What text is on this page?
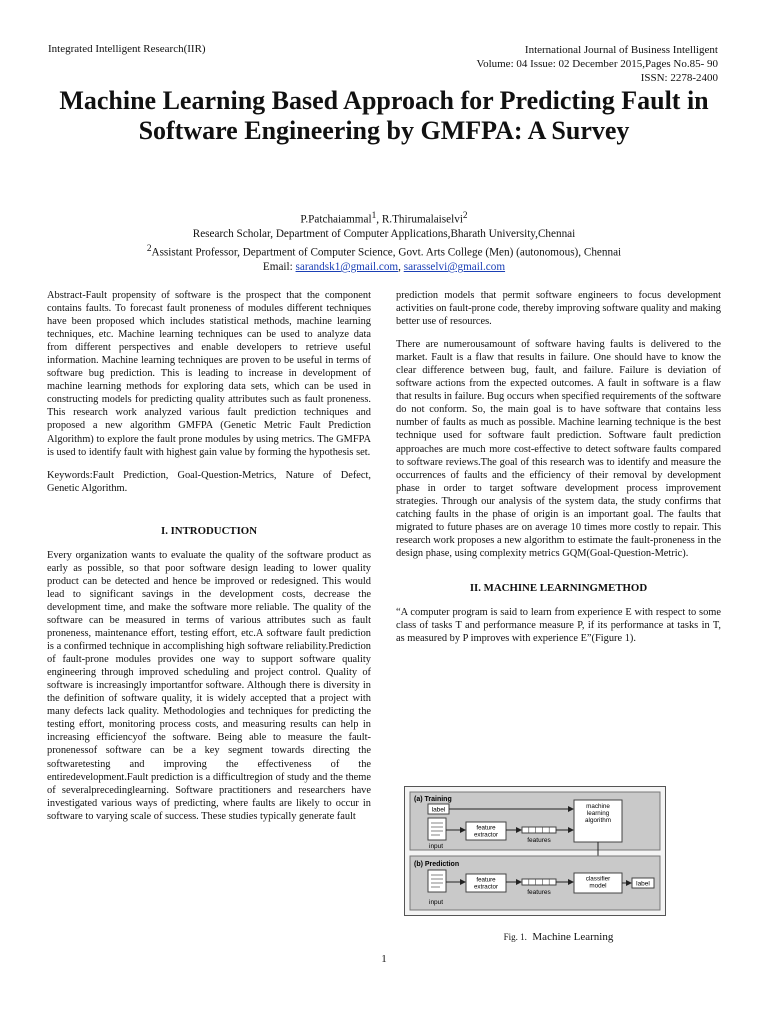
Integrated Intelligent Research(IIR)	International Journal of Business Intelligent
Volume: 04 Issue: 02 December 2015,Pages No.85- 90
ISSN: 2278-2400
Machine Learning Based Approach for Predicting Fault in Software Engineering by GMFPA: A Survey
P.Patchaiammal$^1$, R.Thirumalaiselvi$^2$
Research Scholar, Department of Computer Applications,Bharath University,Chennai
$^2$Assistant Professor, Department of Computer Science, Govt. Arts College (Men) (autonomous), Chennai
Email: sarandsk1@gmail.com, sarasselvi@gmail.com

Abstract-Fault propensity of software is the prospect that the component contains faults. To forecast fault proneness of modules different techniques have been proposed which includes statistical methods, machine learning techniques, etc. Machine learning techniques can be used to analyze data from different perspectives and enable developers to retrieve useful information. Machine learning techniques are proven to be useful in terms of software bug prediction. This is leading to increase in development of machine learning methods for exploring data sets, which can be used in constructing models for predicting quality attributes such as fault proneness. This research work analyzed various fault prediction techniques and proposed a new algorithm GMFPA (Genetic Metric Fault Prediction Algorithm) to explore the fault prone modules by using metrics. The GMFPA is used to identify fault with highest gain value by forming the hypothesis set.

Keywords:Fault Prediction, Goal-Question-Metrics, Nature of Defect, Genetic Algorithm.

I. INTRODUCTION

Every organization wants to evaluate the quality of the software product as early as possible, so that poor software design leading to lower quality product can be detected and hence be improved or redesigned. This would lead to significant savings in the development costs, decrease the development time, and make the software more reliable. The quality of the software can be measured in terms of various attributes such as fault proneness, maintenance effort, testing effort, etc.A software fault prediction is a confirmed technique in accomplishing high software reliability.Prediction of fault-prone modules provides one way to support software quality engineering through improved scheduling and project control. Quality of software is increasingly importantfor software. Although there is diversity in the definition of software quality, it is widely accepted that a project with many defects lack quality. Methodologies and techniques for predicting the testing effort, monitoring process costs, and measuring results can help in increasing efficiencyof the software. Being able to measure the fault-pronenessof software can be a key segment towards directing the softwaretesting and improving the effectiveness of the entiredevelopment.Fault prediction is a difficultregion of study and the theme of severalprecedinglearning. Software practitioners and researchers have investigated various ways of predicting, where faults are likely to occur in software to varying scale of success. These studies typically generate fault

prediction models that permit software engineers to focus development activities on fault-prone code, thereby improving software quality and making better use of resources.

There are numerousamount of software having faults is delivered to the market. Fault is a flaw that results in failure. One should have to know the clear difference between bug, fault, and failure. Failure is deviation of software actions from the expected outcomes. A fault in software is a flaw that results in failure. Bug occurs when specified requirements of the software do not conform. So, the main goal is to have software that contains less number of faults as much as possible. Machine learning technique is the best technique used for software fault prediction. Software fault prediction approaches are much more cost-effective to detect software faults compared to software reviews.The goal of this research was to identify and measure the occurrences of faults and the efficiency of their removal by development phase in order to target software development process improvement strategies. Through our analysis of the system data, the study confirms that catching faults in the phase of origin is an important goal. The faults that migrated to future phases are on average 10 times more costly to repair. This research work proposes a new algorithm to estimate the fault-proneness in the design phase, using complexity metrics GQM(Goal-Question-Metric).

II. MACHINE LEARNINGMETHOD

“A computer program is said to learn from experience E with respect to some class of tasks T and performance measure P, if its performance at tasks in T, as measured by P improves with experience E”(Figure 1).

(a) Training
label
input
feature extractor
features
machine learning algorithm
(b) Prediction
input
feature extractor
features
classifier model	label
Fig. 1. Machine Learning
1
